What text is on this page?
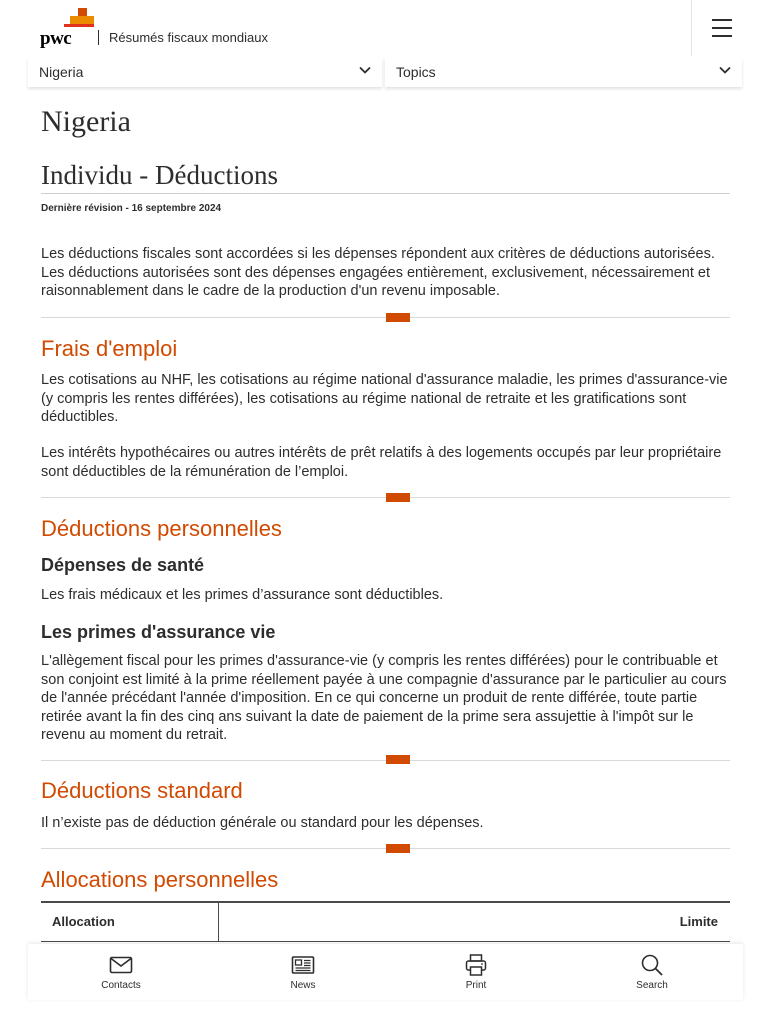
pwc	Résumés fiscaux mondiaux
Nigeria	Topics
Nigeria
Individu - Déductions
Dernière révision - 16 septembre 2024

Les déductions fiscales sont accordées si les dépenses répondent aux critères de déductions autorisées. Les déductions autorisées sont des dépenses engagées entièrement, exclusivement, nécessairement et raisonnablement dans le cadre de la production d'un revenu imposable.

Frais d'emploi

Les cotisations au NHF, les cotisations au régime national d'assurance maladie, les primes d'assurance-vie (y compris les rentes différées), les cotisations au régime national de retraite et les gratifications sont déductibles.

Les intérêts hypothécaires ou autres intérêts de prêt relatifs à des logements occupés par leur propriétaire sont déductibles de la rémunération de l’emploi.

Déductions personnelles
Dépenses de santé

Les frais médicaux et les primes d’assurance sont déductibles.

Les primes d'assurance vie

L'allègement fiscal pour les primes d'assurance-vie (y compris les rentes différées) pour le contribuable et son conjoint est limité à la prime réellement payée à une compagnie d'assurance par le particulier au cours de l'année précédant l'année d'imposition. En ce qui concerne un produit de rente différée, toute partie retirée avant la fin des cinq ans suivant la date de paiement de la prime sera assujettie à l'impôt sur le revenu au moment du retrait.

Déductions standard

Il n’existe pas de déduction générale ou standard pour les dépenses.

Allocations personnelles
Allocation	Limite
Contacts	News	Print	Search
